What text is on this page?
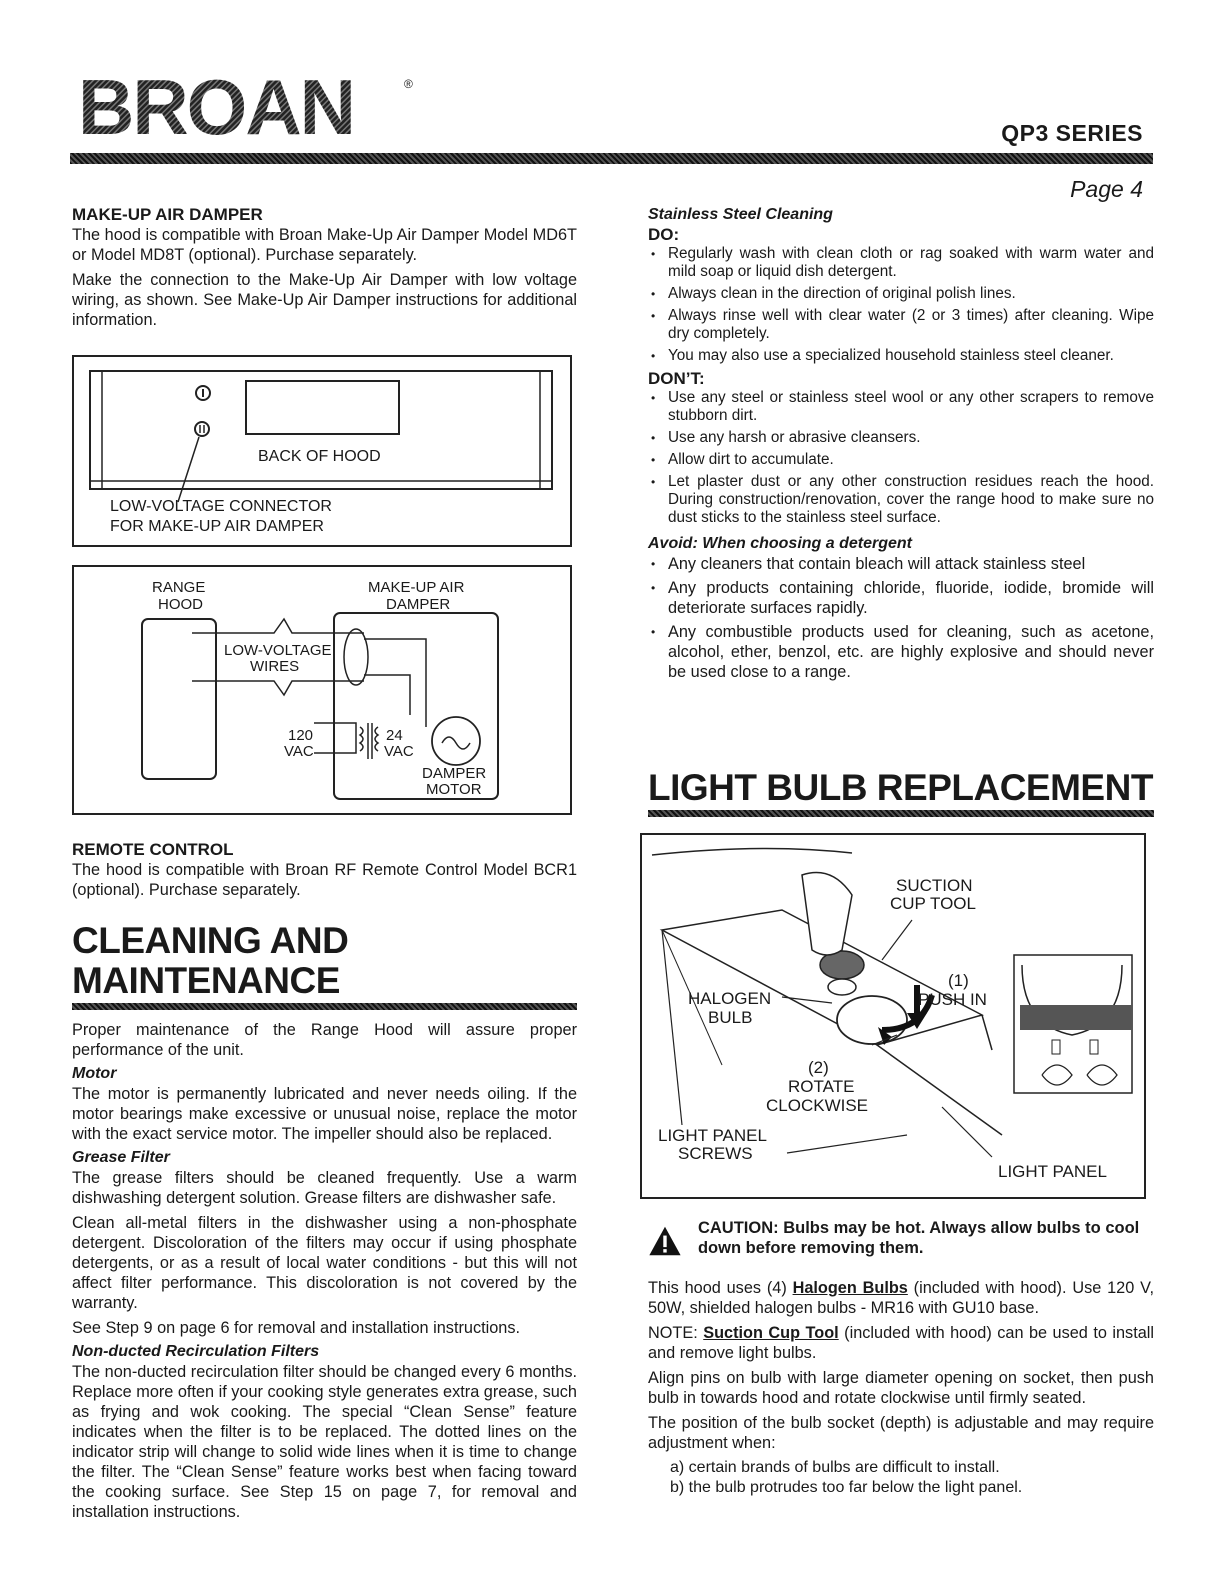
BROAN	®
QP3 SERIES
Page 4
MAKE-UP AIR DAMPER

The hood is compatible with Broan Make-Up Air Damper Model MD6T or Model MD8T (optional). Purchase separately.

Make the connection to the Make-Up Air Damper with low voltage wiring, as shown. See Make-Up Air Damper instructions for additional information.

BACK OF HOOD
LOW-VOLTAGE CONNECTOR
FOR MAKE-UP AIR DAMPER
RANGE
HOOD
MAKE-UP AIR
DAMPER
LOW-VOLTAGE
WIRES
120
VAC
24
VAC
DAMPER
MOTOR
REMOTE CONTROL

The hood is compatible with Broan RF Remote Control Model BCR1 (optional). Purchase separately.

CLEANING AND MAINTENANCE

Proper maintenance of the Range Hood will assure proper performance of the unit.

Motor

The motor is permanently lubricated and never needs oiling. If the motor bearings make excessive or unusual noise, replace the motor with the exact service motor. The impeller should also be replaced.

Grease Filter

The grease filters should be cleaned frequently. Use a warm dishwashing detergent solution. Grease filters are dishwasher safe.

Clean all-metal filters in the dishwasher using a non-phosphate detergent. Discoloration of the filters may occur if using phosphate detergents, or as a result of local water conditions - but this will not affect filter performance. This discoloration is not covered by the warranty.

See Step 9 on page 6 for removal and installation instructions.

Non-ducted Recirculation Filters

The non-ducted recirculation filter should be changed every 6 months. Replace more often if your cooking style generates extra grease, such as frying and wok cooking. The special “Clean Sense” feature indicates when the filter is to be replaced. The dotted lines on the indicator strip will change to solid wide lines when it is time to change the filter. The “Clean Sense” feature works best when facing toward the cooking surface. See Step 15 on page 7, for removal and installation instructions.

Stainless Steel Cleaning
DO:
• Regularly wash with clean cloth or rag soaked with warm water and mild soap or liquid dish detergent.
• Always clean in the direction of original polish lines.
• Always rinse well with clear water (2 or 3 times) after cleaning. Wipe dry completely.
• You may also use a specialized household stainless steel cleaner.
DON’T:
• Use any steel or stainless steel wool or any other scrapers to remove stubborn dirt.
• Use any harsh or abrasive cleansers.
• Allow dirt to accumulate.
• Let plaster dust or any other construction residues reach the hood. During construction/renovation, cover the range hood to make sure no dust sticks to the stainless steel surface.
Avoid: When choosing a detergent
• Any cleaners that contain bleach will attack stainless steel
• Any products containing chloride, fluoride, iodide, bromide will deteriorate surfaces rapidly.
• Any combustible products used for cleaning, such as acetone, alcohol, ether, benzol, etc. are highly explosive and should never be used close to a range.
LIGHT BULB REPLACEMENT
SUCTION
CUP TOOL
HALOGEN
BULB
(1)
PUSH IN
(2)
ROTATE
CLOCKWISE
LIGHT PANEL
SCREWS
LIGHT PANEL
CAUTION: Bulbs may be hot. Always allow bulbs to cool down before removing them.

This hood uses (4) Halogen Bulbs (included with hood). Use 120 V, 50W, shielded halogen bulbs - MR16 with GU10 base.

NOTE: Suction Cup Tool (included with hood) can be used to install and remove light bulbs.

Align pins on bulb with large diameter opening on socket, then push bulb in towards hood and rotate clockwise until firmly seated.

The position of the bulb socket (depth) is adjustable and may require adjustment when:

a) certain brands of bulbs are difficult to install.

b) the bulb protrudes too far below the light panel.
